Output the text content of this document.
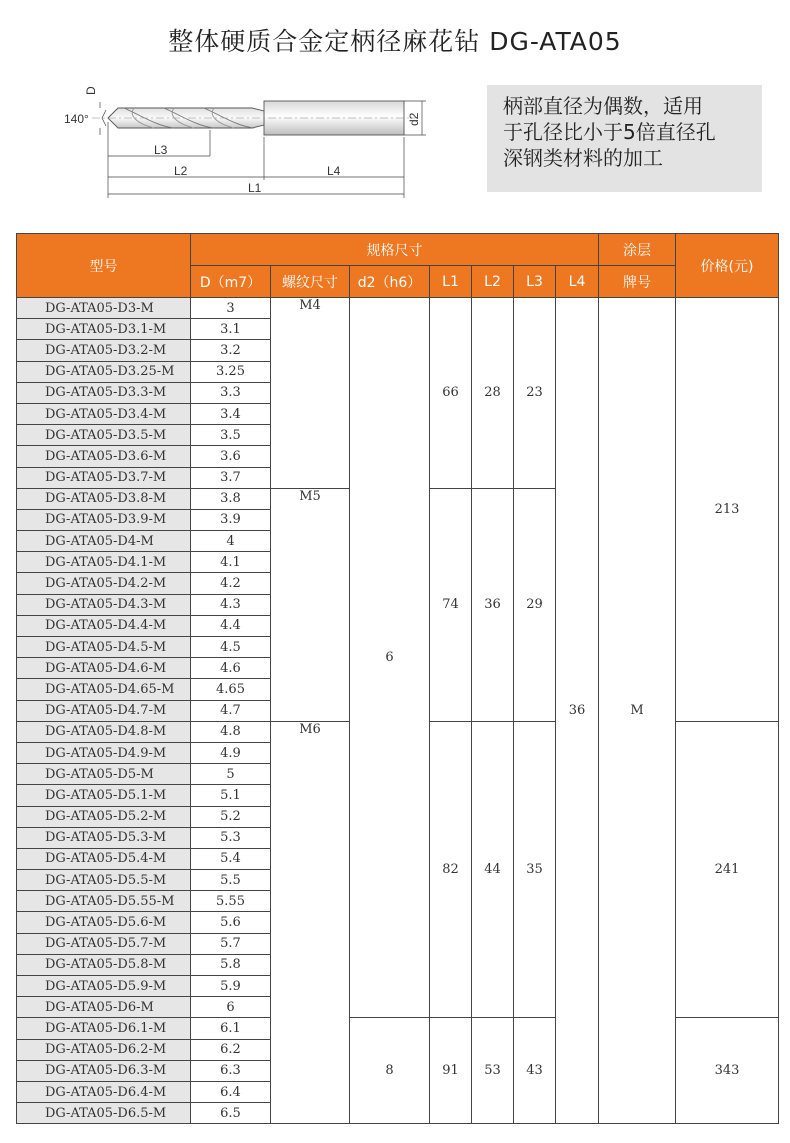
整体硬质合金定柄径麻花钻 DG-ATA05
140°
D
d2
L3
L2	L4
L1
柄部直径为偶数，适用
于孔径比小于5倍直径孔
深钢类材料的加工
型号	规格尺寸							涂层	价格(元)
	D（m7）	螺纹尺寸	d2（h6）	L1	L2	L3	L4	牌号	
DG-ATA05-D3-M	3	M4	6	66	28	23	36	M	213
DG-ATA05-D3.1-M	3.1								
DG-ATA05-D3.2-M	3.2								
DG-ATA05-D3.25-M	3.25								
DG-ATA05-D3.3-M	3.3								
DG-ATA05-D3.4-M	3.4								
DG-ATA05-D3.5-M	3.5								
DG-ATA05-D3.6-M	3.6								
DG-ATA05-D3.7-M	3.7								
DG-ATA05-D3.8-M	3.8	M5		74	36	29			
DG-ATA05-D3.9-M	3.9								
DG-ATA05-D4-M	4								
DG-ATA05-D4.1-M	4.1								
DG-ATA05-D4.2-M	4.2								
DG-ATA05-D4.3-M	4.3								
DG-ATA05-D4.4-M	4.4								
DG-ATA05-D4.5-M	4.5								
DG-ATA05-D4.6-M	4.6								
DG-ATA05-D4.65-M	4.65								
DG-ATA05-D4.7-M	4.7								
DG-ATA05-D4.8-M	4.8	M6		82	44	35			241
DG-ATA05-D4.9-M	4.9								
DG-ATA05-D5-M	5								
DG-ATA05-D5.1-M	5.1								
DG-ATA05-D5.2-M	5.2								
DG-ATA05-D5.3-M	5.3								
DG-ATA05-D5.4-M	5.4								
DG-ATA05-D5.5-M	5.5								
DG-ATA05-D5.55-M	5.55								
DG-ATA05-D5.6-M	5.6								
DG-ATA05-D5.7-M	5.7								
DG-ATA05-D5.8-M	5.8								
DG-ATA05-D5.9-M	5.9								
DG-ATA05-D6-M	6								
DG-ATA05-D6.1-M	6.1		8	91	53	43			343
DG-ATA05-D6.2-M	6.2								
DG-ATA05-D6.3-M	6.3								
DG-ATA05-D6.4-M	6.4								
DG-ATA05-D6.5-M	6.5								
